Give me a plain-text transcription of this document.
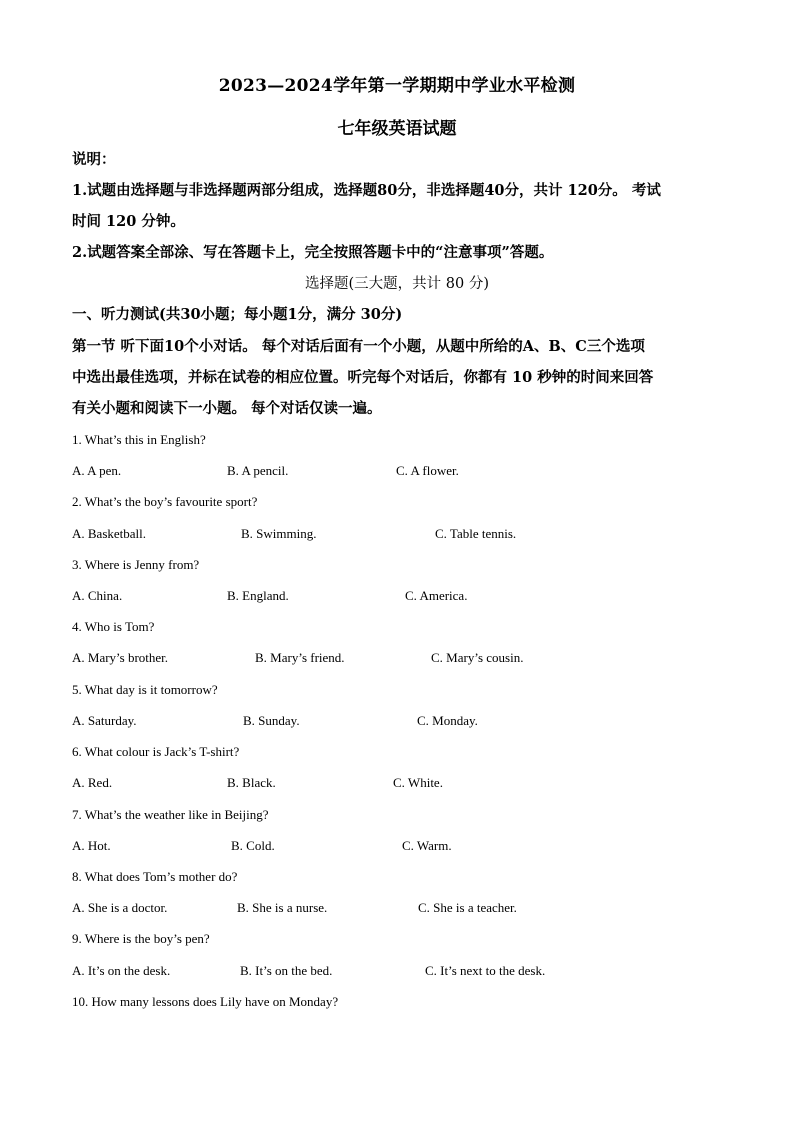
2023—2024学年第一学期期中学业水平检测
七年级英语试题
说明：
1.试题由选择题与非选择题两部分组成，选择题80分，非选择题40分，共计 120分。 考试
时间 120 分钟。
2.试题答案全部涂、写在答题卡上，完全按照答题卡中的“注意事项”答题。
选择题(三大题，共计 80 分)
一、听力测试(共30小题；每小题1分，满分 30分)
第一节 听下面10个小对话。 每个对话后面有一个小题，从题中所给的A、B、C三个选项
中选出最佳选项，并标在试卷的相应位置。听完每个对话后，你都有 10 秒钟的时间来回答
有关小题和阅读下一小题。 每个对话仅读一遍。
1. What’s this in English?
A. A pen.	B. A pencil.	C. A flower.
2. What’s the boy’s favourite sport?
A. Basketball.	B. Swimming.	C. Table tennis.
3. Where is Jenny from?
A. China.	B. England.	C. America.
4. Who is Tom?
A. Mary’s brother.	B. Mary’s friend.	C. Mary’s cousin.
5. What day is it tomorrow?
A. Saturday.	B. Sunday.	C. Monday.
6. What colour is Jack’s T-shirt?
A. Red.	B. Black.	C. White.
7. What’s the weather like in Beijing?
A. Hot.	B. Cold.	C. Warm.
8. What does Tom’s mother do?
A. She is a doctor.	B. She is a nurse.	C. She is a teacher.
9. Where is the boy’s pen?
A. It’s on the desk.	B. It’s on the bed.	C. It’s next to the desk.
10. How many lessons does Lily have on Monday?
